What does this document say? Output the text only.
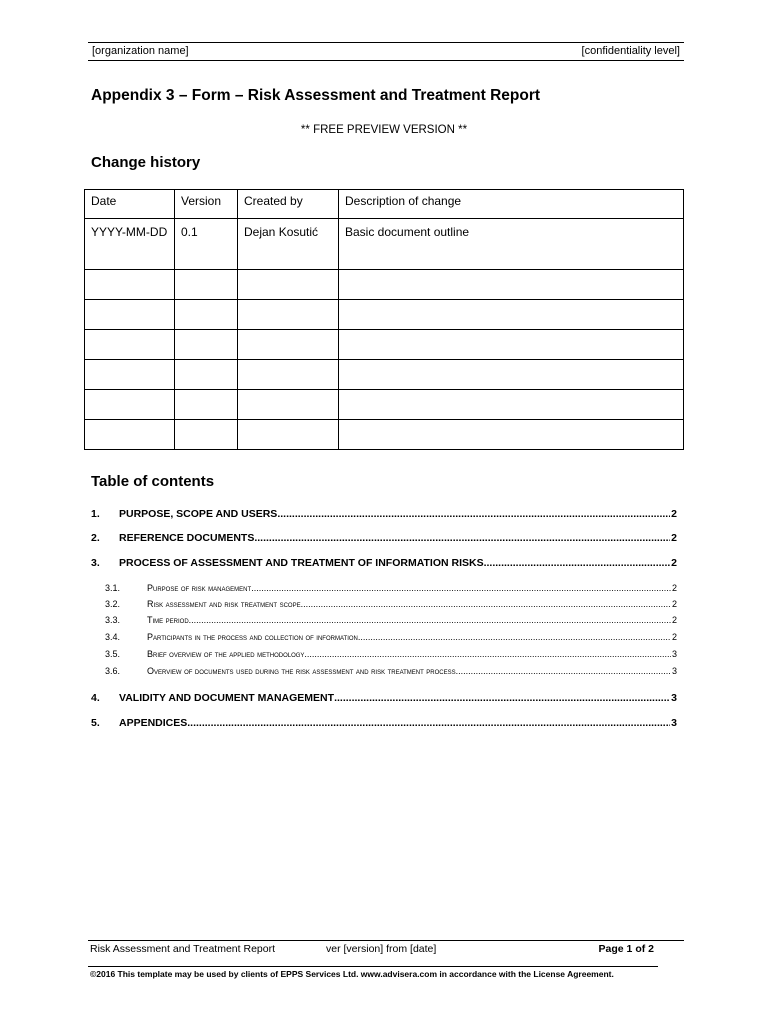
[organization name]	[confidentiality level]
Appendix 3 – Form – Risk Assessment and Treatment Report
** FREE PREVIEW VERSION **
Change history
Date	Version	Created by	Description of change
YYYY-MM-DD	0.1	Dejan Kosutić	Basic document outline

Table of contents
1.	PURPOSE, SCOPE AND USERS .....	2
2.	REFERENCE DOCUMENTS .....	2
3.	PROCESS OF ASSESSMENT AND TREATMENT OF INFORMATION RISKS .....	2
3.1.	Purpose of risk management .....	2
3.2.	Risk assessment and risk treatment scope .....	2
3.3.	Time period .....	2
3.4.	Participants in the process and collection of information .....	2
3.5.	Brief overview of the applied methodology .....	3
3.6.	Overview of documents used during the risk assessment and risk treatment process .....	3
4.	VALIDITY AND DOCUMENT MANAGEMENT .....	3
5.	APPENDICES .....	3
Risk Assessment and Treatment Report	ver [version] from [date]	Page 1 of 2
©2016 This template may be used by clients of EPPS Services Ltd. www.advisera.com in accordance with the License Agreement.
